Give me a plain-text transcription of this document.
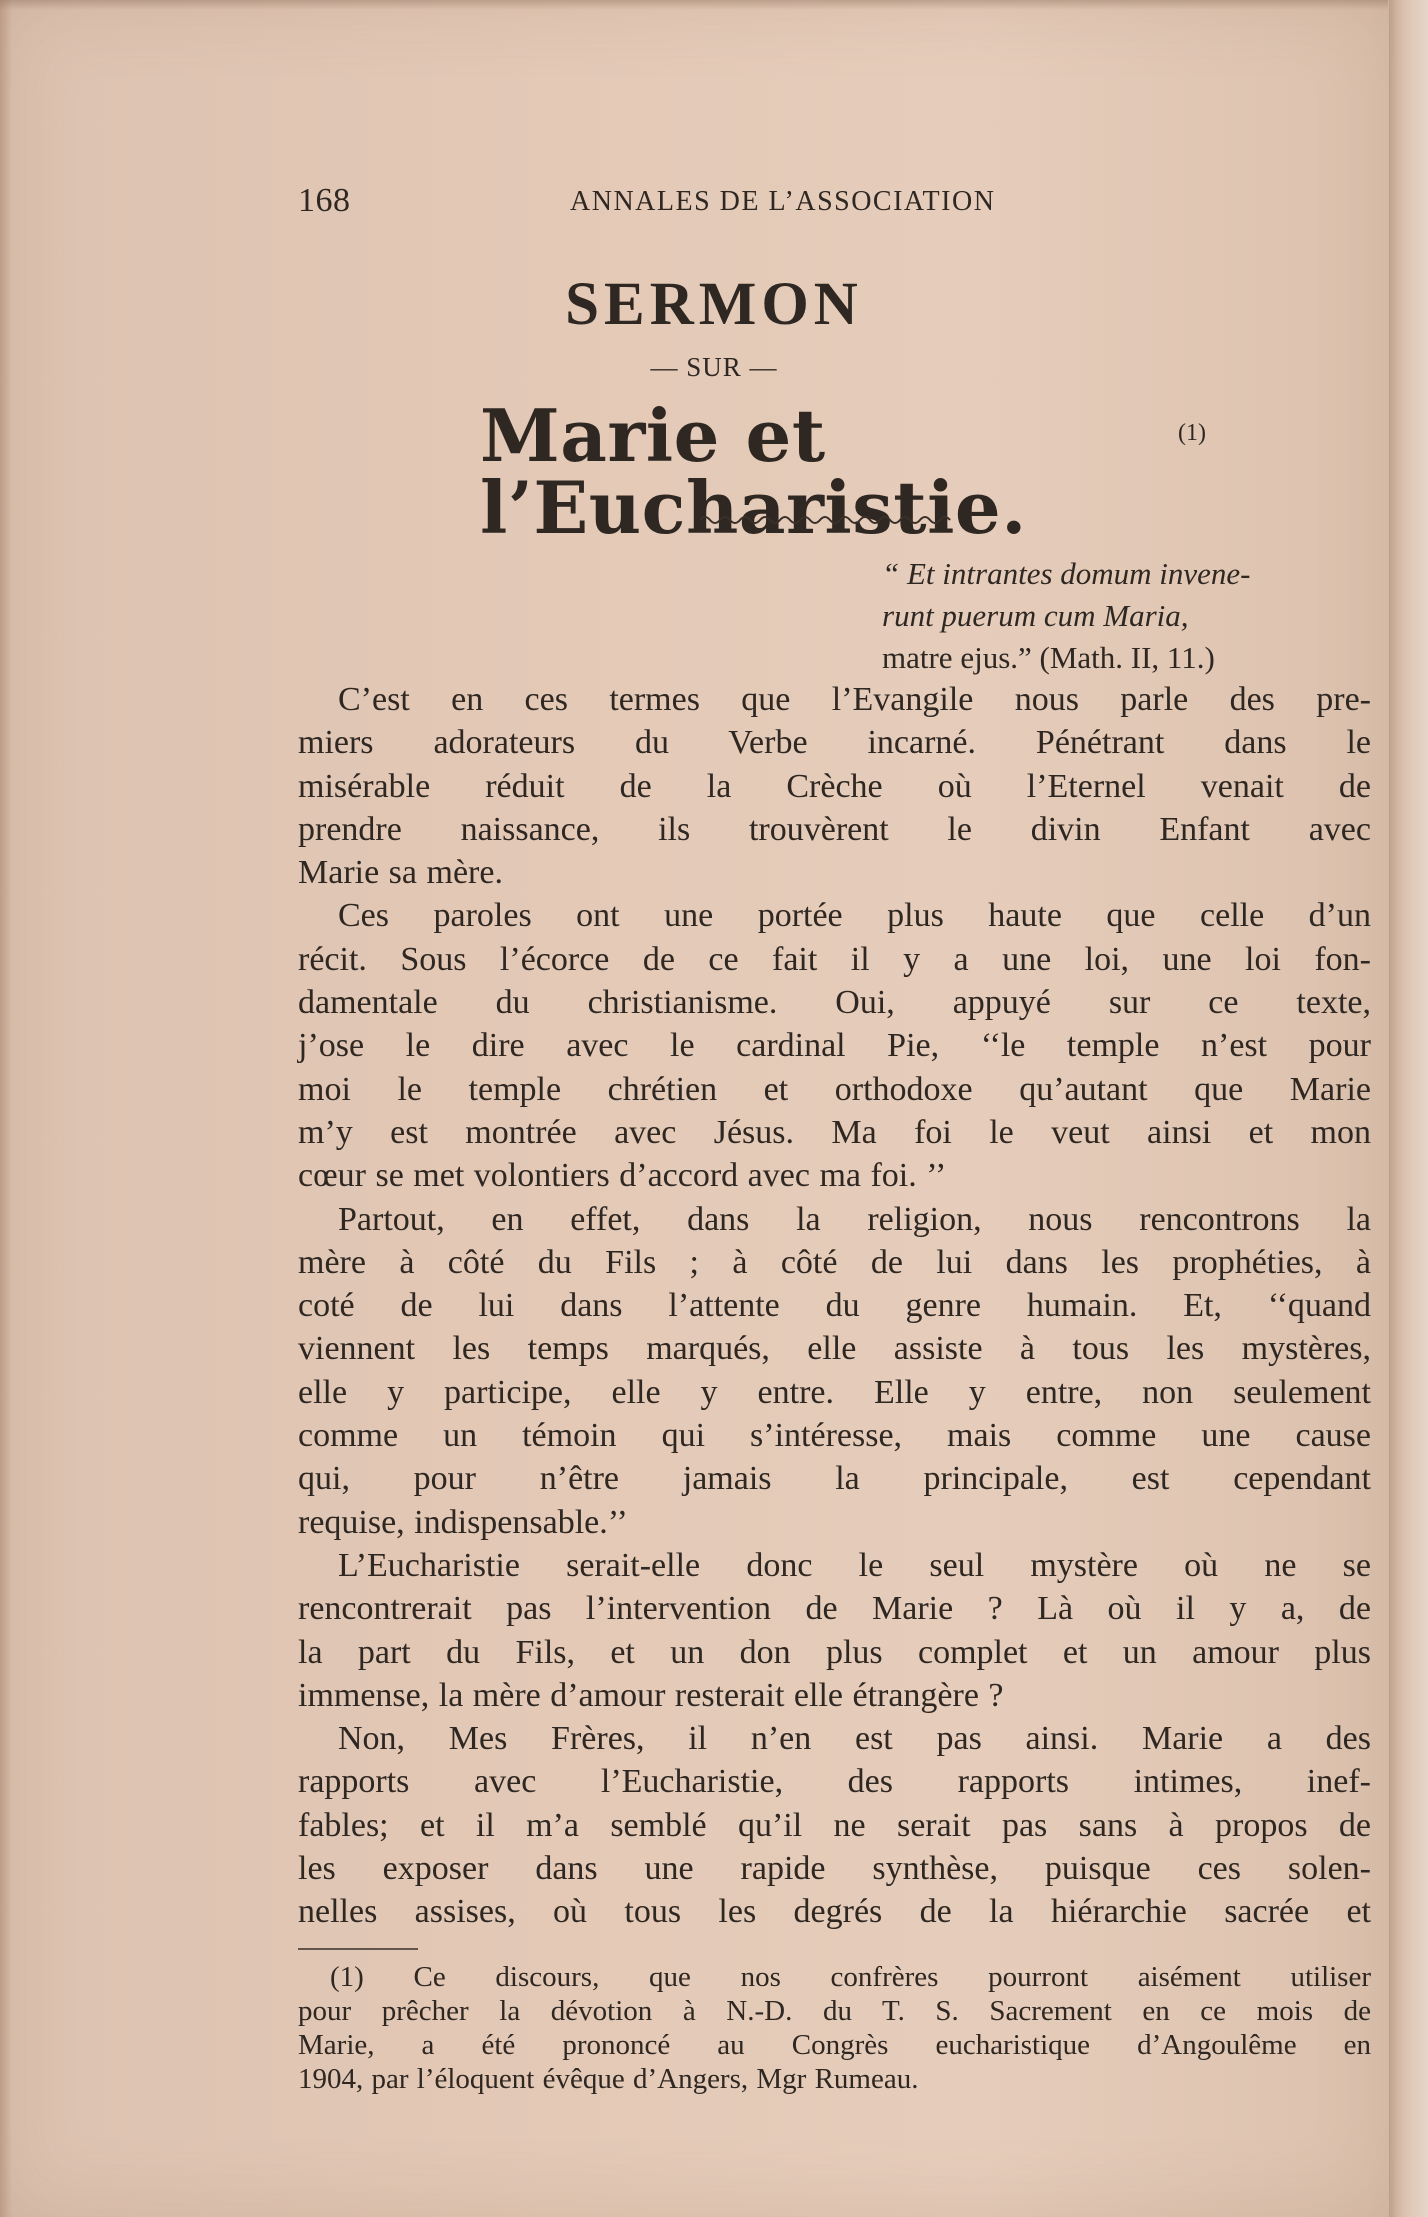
168	ANNALES DE L’ASSOCIATION
SERMON
— SUR —
Marie et l’Eucharistie.
(1)
“ Et intrantes domum invene-
runt puerum cum Maria,
matre ejus.” (Math. II, 11.)
C’est en ces termes que l’Evangile nous parle des pre-
miers adorateurs du Verbe incarné. Pénétrant dans le
misérable réduit de la Crèche où l’Eternel venait de
prendre naissance, ils trouvèrent le divin Enfant avec
Marie sa mère.
Ces paroles ont une portée plus haute que celle d’un
récit. Sous l’écorce de ce fait il y a une loi, une loi fon-
damentale du christianisme. Oui, appuyé sur ce texte,
j’ose le dire avec le cardinal Pie, ‘‘le temple n’est pour
moi le temple chrétien et orthodoxe qu’autant que Marie
m’y est montrée avec Jésus. Ma foi le veut ainsi et mon
cœur se met volontiers d’accord avec ma foi. ’’
Partout, en effet, dans la religion, nous rencontrons la
mère à côté du Fils ; à côté de lui dans les prophéties, à
coté de lui dans l’attente du genre humain. Et, ‘‘quand
viennent les temps marqués, elle assiste à tous les mystères,
elle y participe, elle y entre. Elle y entre, non seulement
comme un témoin qui s’intéresse, mais comme une cause
qui, pour n’être jamais la principale, est cependant
requise, indispensable.’’
L’Eucharistie serait-elle donc le seul mystère où ne se
rencontrerait pas l’intervention de Marie ? Là où il y a, de
la part du Fils, et un don plus complet et un amour plus
immense, la mère d’amour resterait elle étrangère ?
Non, Mes Frères, il n’en est pas ainsi. Marie a des
rapports avec l’Eucharistie, des rapports intimes, inef-
fables; et il m’a semblé qu’il ne serait pas sans à propos de
les exposer dans une rapide synthèse, puisque ces solen-
nelles assises, où tous les degrés de la hiérarchie sacrée et
(1) Ce discours, que nos confrères pourront aisément utiliser
pour prêcher la dévotion à N.-D. du T. S. Sacrement en ce mois de
Marie, a été prononcé au Congrès eucharistique d’Angoulême en
1904, par l’éloquent évêque d’Angers, Mgr Rumeau.
